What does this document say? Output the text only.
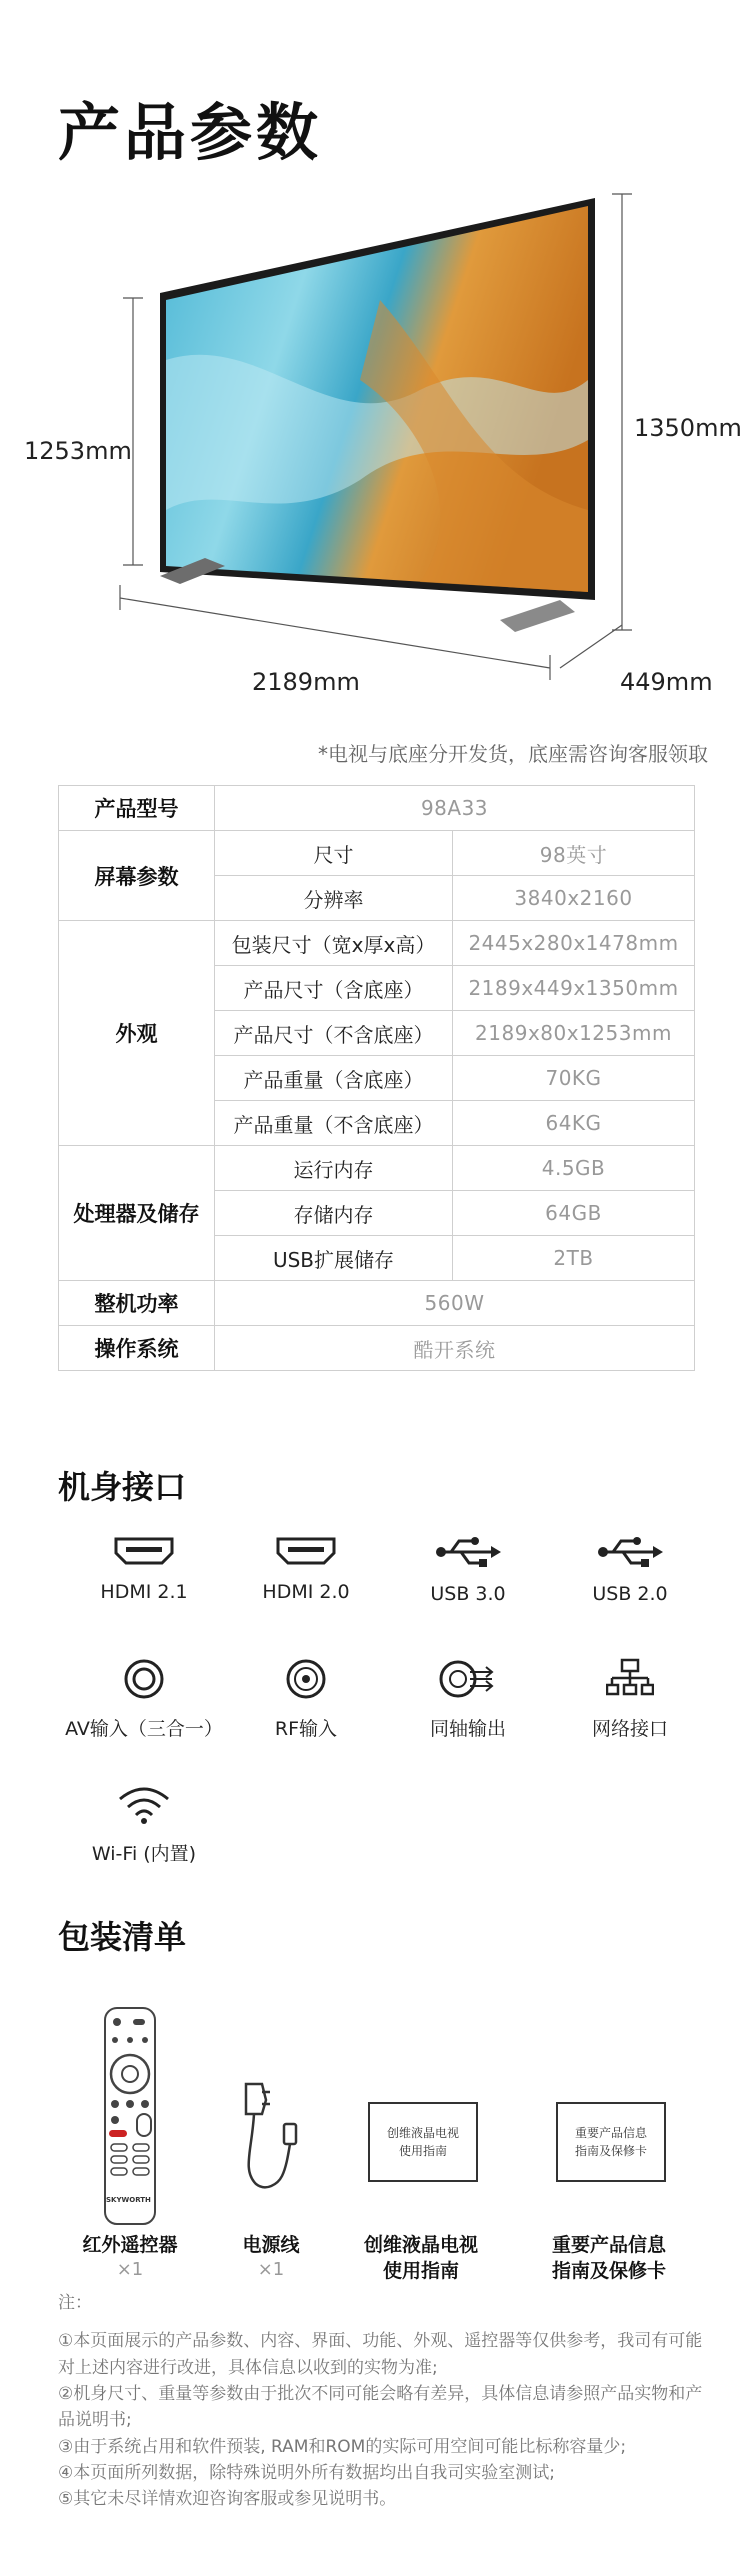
产品参数
1253mm
1350mm
2189mm	449mm
*电视与底座分开发货，底座需咨询客服领取
产品型号	98A33	
屏幕参数	尺寸	98英寸
	分辨率	3840x2160
外观	包装尺寸（宽x厚x高）	2445x280x1478mm
	产品尺寸（含底座）	2189x449x1350mm
	产品尺寸（不含底座）	2189x80x1253mm
	产品重量（含底座）	70KG
	产品重量（不含底座）	64KG
处理器及储存	运行内存	4.5GB
	存储内存	64GB
	USB扩展储存	2TB
整机功率	560W	
操作系统	酷开系统	
机身接口
HDMI 2.1	HDMI 2.0	USB 3.0	USB 2.0
AV输入（三合一）	RF输入	同轴输出	网络接口
Wi-Fi (内置)
包装清单
SKYWORTH
创维液晶电视
使用指南
重要产品信息
指南及保修卡
红外遥控器
×1
电源线
×1
创维液晶电视
使用指南
重要产品信息
指南及保修卡

注：

①本页面展示的产品参数、内容、界面、功能、外观、遥控器等仅供参考，我司有可能对上述内容进行改进，具体信息以收到的实物为准;

②机身尺寸、重量等参数由于批次不同可能会略有差异，具体信息请参照产品实物和产品说明书;

③由于系统占用和软件预装, RAM和ROM的实际可用空间可能比标称容量少;

④本页面所列数据，除特殊说明外所有数据均出自我司实验室测试;

⑤其它未尽详情欢迎咨询客服或参见说明书。
